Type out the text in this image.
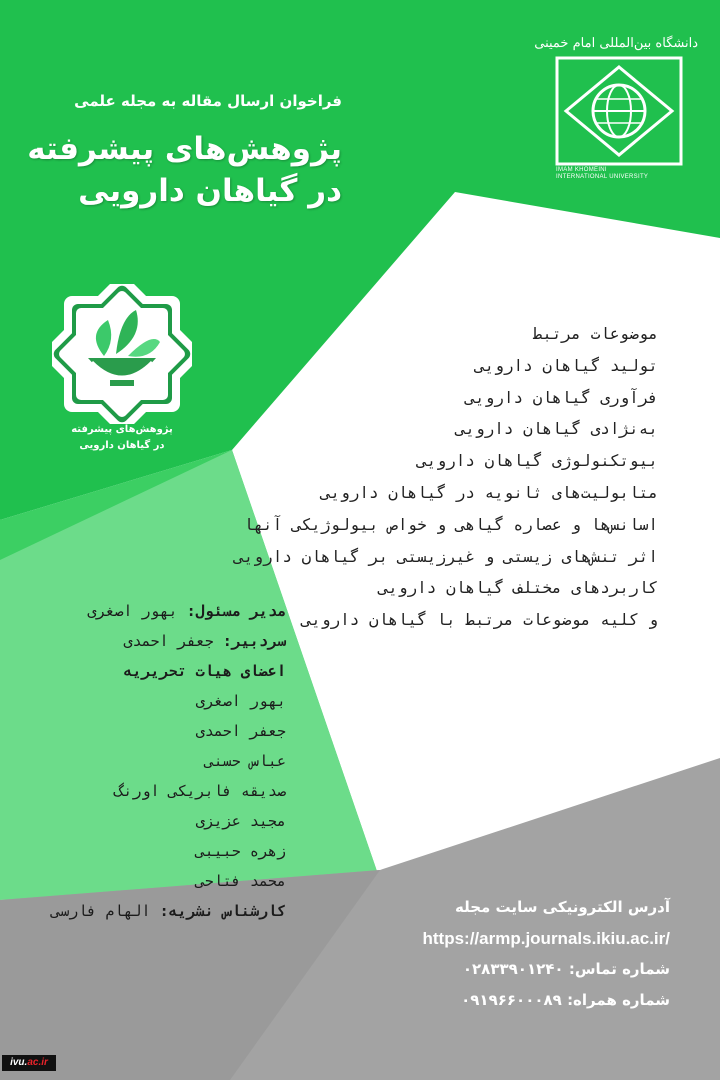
دانشگاه بین‌المللی امام خمینی
IMAM KHOMEINI
INTERNATIONAL UNIVERSITY
فراخوان ارسال مقاله به مجله علمی
پژوهش‌های پیشرفته
در گیاهان دارویی
پژوهش‌های پیشرفته
در گیاهان دارویی
موضوعات مرتبط
تولید گیاهان دارویی
فرآوری گیاهان دارویی
به‌نژادی گیاهان دارویی
بیوتکنولوژی گیاهان دارویی
متابولیت‌های ثانویه در گیاهان دارویی
اسانس‌ها و عصاره گیاهی و خواص بیولوژیکی آنها
اثر تنش‌های زیستی و غیرزیستی بر گیاهان دارویی
کاربردهای مختلف گیاهان دارویی
و کلیه موضوعات مرتبط با گیاهان دارویی
مدیر مسئول: بهور اصغری
سردبیر: جعفر احمدی
اعضای هیات تحریریه
بهور اصغری
جعفر احمدی
عباس حسنی
صدیقه فابریکی اورنگ
مجید عزیزی
زهره حبیبی
محمد فتاحی
کارشناس نشریه: الهام فارسی	آدرس الکترونیکی سایت مجله
https://armp.journals.ikiu.ac.ir/
شماره تماس: ۰۲۸۳۳۹۰۱۲۴۰
شماره همراه: ۰۹۱۹۶۶۰۰۰۸۹
ivu.ac.ir
